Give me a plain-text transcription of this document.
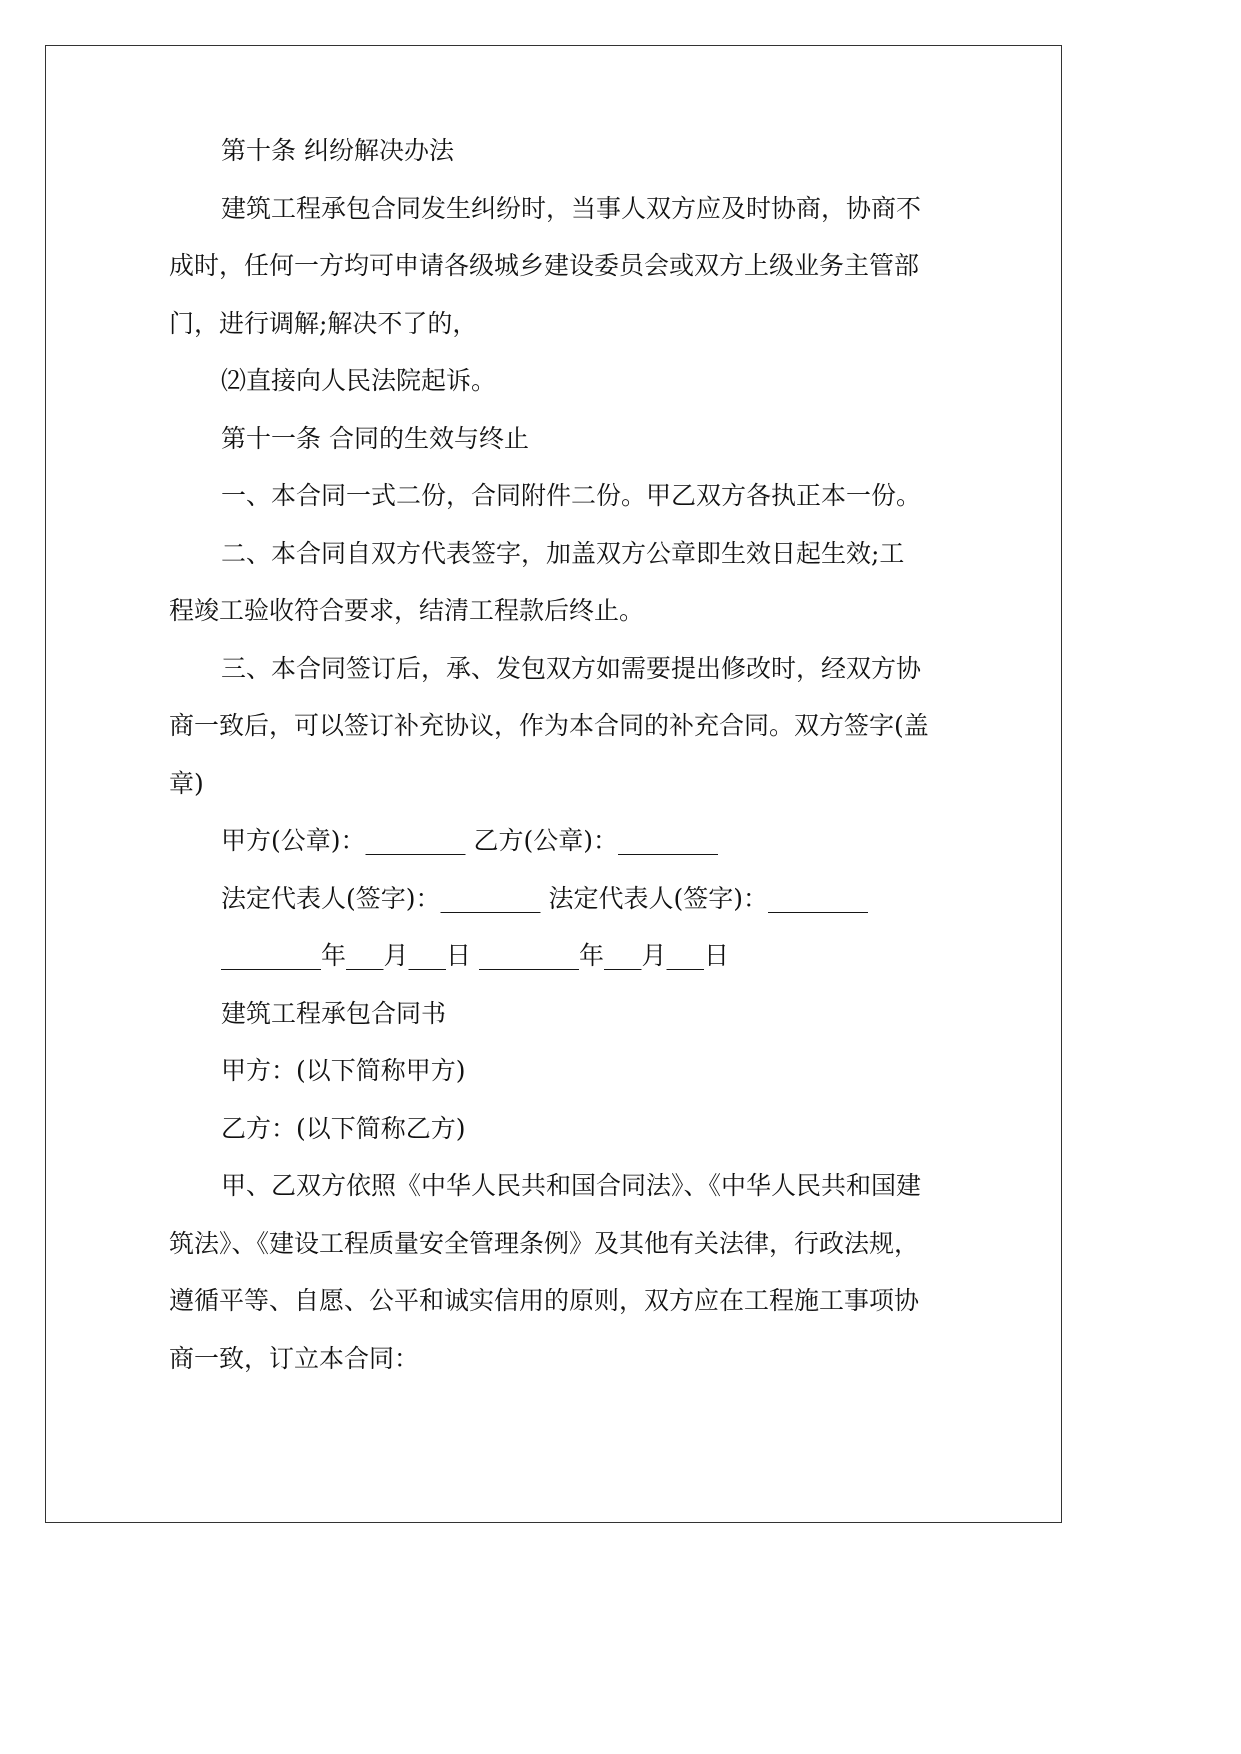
第十条 纠纷解决办法
建筑工程承包合同发生纠纷时，当事人双方应及时协商，协商不
成时，任何一方均可申请各级城乡建设委员会或双方上级业务主管部
门，进行调解;解决不了的，
⑵直接向人民法院起诉。
第十一条 合同的生效与终止
一、本合同一式二份，合同附件二份。甲乙双方各执正本一份。
二、本合同自双方代表签字，加盖双方公章即生效日起生效;工
程竣工验收符合要求，结清工程款后终止。
三、本合同签订后，承、发包双方如需要提出修改时，经双方协
商一致后，可以签订补充协议，作为本合同的补充合同。双方签字(盖
章)
甲方(公章)：________ 乙方(公章)：________
法定代表人(签字)：________ 法定代表人(签字)：________
________年___月___日 ________年___月___日
建筑工程承包合同书
甲方：(以下简称甲方)
乙方：(以下简称乙方)
甲、乙双方依照《中华人民共和国合同法》、《中华人民共和国建
筑法》、《建设工程质量安全管理条例》及其他有关法律，行政法规，
遵循平等、自愿、公平和诚实信用的原则，双方应在工程施工事项协
商一致，订立本合同：
